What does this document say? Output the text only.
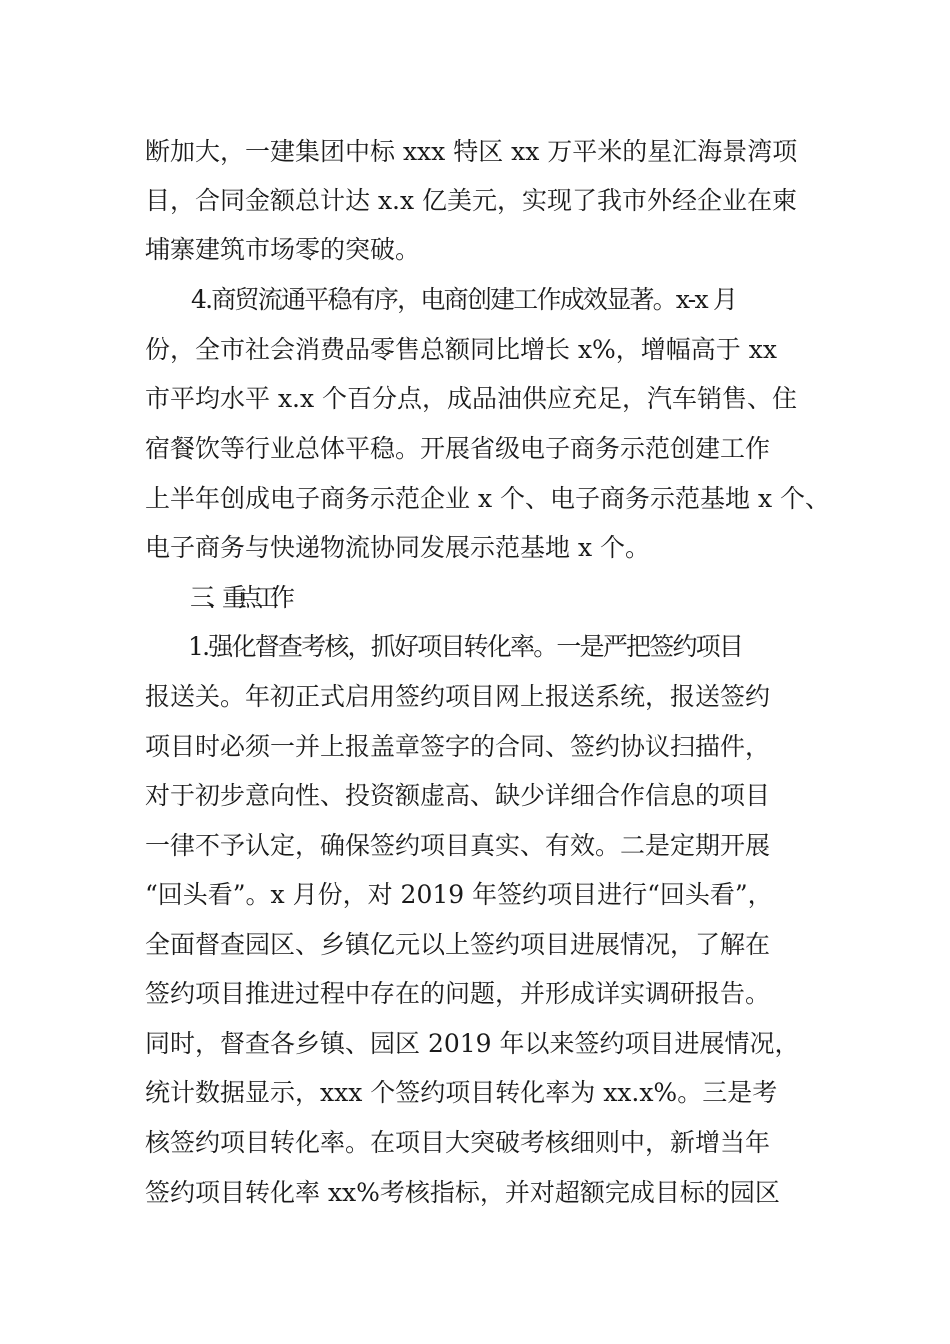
断加大，一建集团中标 xxx 特区 xx 万平米的星汇海景湾项
目，合同金额总计达 x.x 亿美元，实现了我市外经企业在柬
埔寨建筑市场零的突破。
4.商贸流通平稳有序，电商创建工作成效显著。x-x 月
份，全市社会消费品零售总额同比增长 x%，增幅高于 xx
市平均水平 x.x 个百分点，成品油供应充足，汽车销售、住
宿餐饮等行业总体平稳。开展省级电子商务示范创建工作
上半年创成电子商务示范企业 x 个、电子商务示范基地 x 个、
电子商务与快递物流协同发展示范基地 x 个。
三、重点工作
1.强化督查考核，抓好项目转化率。一是严把签约项目
报送关。年初正式启用签约项目网上报送系统，报送签约
项目时必须一并上报盖章签字的合同、签约协议扫描件，
对于初步意向性、投资额虚高、缺少详细合作信息的项目
一律不予认定，确保签约项目真实、有效。二是定期开展
“回头看”。x 月份，对 2019 年签约项目进行“回头看”，
全面督查园区、乡镇亿元以上签约项目进展情况，了解在
签约项目推进过程中存在的问题，并形成详实调研报告。
同时，督查各乡镇、园区 2019 年以来签约项目进展情况，
统计数据显示，xxx 个签约项目转化率为 xx.x%。三是考
核签约项目转化率。在项目大突破考核细则中，新增当年
签约项目转化率 xx%考核指标，并对超额完成目标的园区
